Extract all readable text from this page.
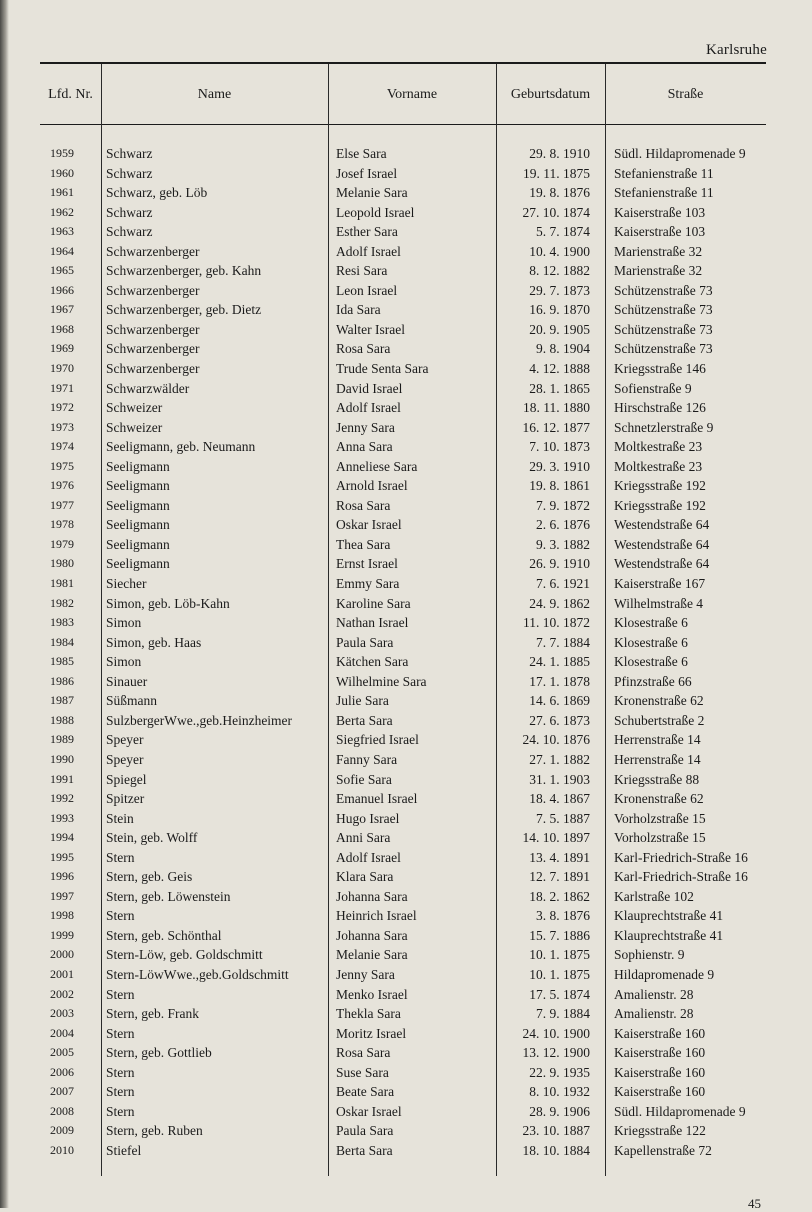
Karlsruhe
Lfd. Nr.	Name	Vorname	Geburtsdatum	Straße
1959 Schwarz	Else Sara	29. 8. 1910 Südl. Hildapromenade 9
1960 Schwarz	Josef Israel	19. 11. 1875 Stefanienstraße 11
1961 Schwarz, geb. Löb	Melanie Sara	19. 8. 1876 Stefanienstraße 11
1962 Schwarz	Leopold Israel	27. 10. 1874 Kaiserstraße 103
1963 Schwarz	Esther Sara	5. 7. 1874 Kaiserstraße 103
1964 Schwarzenberger	Adolf Israel	10. 4. 1900 Marienstraße 32
1965 Schwarzenberger, geb. Kahn	Resi Sara	8. 12. 1882 Marienstraße 32
1966 Schwarzenberger	Leon Israel	29. 7. 1873 Schützenstraße 73
1967 Schwarzenberger, geb. Dietz	Ida Sara	16. 9. 1870 Schützenstraße 73
1968 Schwarzenberger	Walter Israel	20. 9. 1905 Schützenstraße 73
1969 Schwarzenberger	Rosa Sara	9. 8. 1904 Schützenstraße 73
1970 Schwarzenberger	Trude Senta Sara	4. 12. 1888 Kriegsstraße 146
1971 Schwarzwälder	David Israel	28. 1. 1865 Sofienstraße 9
1972 Schweizer	Adolf Israel	18. 11. 1880 Hirschstraße 126
1973 Schweizer	Jenny Sara	16. 12. 1877 Schnetzlerstraße 9
1974 Seeligmann, geb. Neumann	Anna Sara	7. 10. 1873 Moltkestraße 23
1975 Seeligmann	Anneliese Sara	29. 3. 1910 Moltkestraße 23
1976 Seeligmann	Arnold Israel	19. 8. 1861 Kriegsstraße 192
1977 Seeligmann	Rosa Sara	7. 9. 1872 Kriegsstraße 192
1978 Seeligmann	Oskar Israel	2. 6. 1876 Westendstraße 64
1979 Seeligmann	Thea Sara	9. 3. 1882 Westendstraße 64
1980 Seeligmann	Ernst Israel	26. 9. 1910 Westendstraße 64
1981 Siecher	Emmy Sara	7. 6. 1921 Kaiserstraße 167
1982 Simon, geb. Löb-Kahn	Karoline Sara	24. 9. 1862 Wilhelmstraße 4
1983 Simon	Nathan Israel	11. 10. 1872 Klosestraße 6
1984 Simon, geb. Haas	Paula Sara	7. 7. 1884 Klosestraße 6
1985 Simon	Kätchen Sara	24. 1. 1885 Klosestraße 6
1986 Sinauer	Wilhelmine Sara	17. 1. 1878 Pfinzstraße 66
1987 Süßmann	Julie Sara	14. 6. 1869 Kronenstraße 62
1988 SulzbergerWwe.,geb.Heinzheimer	Berta Sara	27. 6. 1873 Schubertstraße 2
1989 Speyer	Siegfried Israel	24. 10. 1876 Herrenstraße 14
1990 Speyer	Fanny Sara	27. 1. 1882 Herrenstraße 14
1991 Spiegel	Sofie Sara	31. 1. 1903 Kriegsstraße 88
1992 Spitzer	Emanuel Israel	18. 4. 1867 Kronenstraße 62
1993 Stein	Hugo Israel	7. 5. 1887 Vorholzstraße 15
1994 Stein, geb. Wolff	Anni Sara	14. 10. 1897 Vorholzstraße 15
1995 Stern	Adolf Israel	13. 4. 1891 Karl-Friedrich-Straße 16
1996 Stern, geb. Geis	Klara Sara	12. 7. 1891 Karl-Friedrich-Straße 16
1997 Stern, geb. Löwenstein	Johanna Sara	18. 2. 1862 Karlstraße 102
1998 Stern	Heinrich Israel	3. 8. 1876 Klauprechtstraße 41
1999 Stern, geb. Schönthal	Johanna Sara	15. 7. 1886 Klauprechtstraße 41
2000 Stern-Löw, geb. Goldschmitt	Melanie Sara	10. 1. 1875 Sophienstr. 9
2001 Stern-LöwWwe.,geb.Goldschmitt	Jenny Sara	10. 1. 1875 Hildapromenade 9
2002 Stern	Menko Israel	17. 5. 1874 Amalienstr. 28
2003 Stern, geb. Frank	Thekla Sara	7. 9. 1884 Amalienstr. 28
2004 Stern	Moritz Israel	24. 10. 1900 Kaiserstraße 160
2005 Stern, geb. Gottlieb	Rosa Sara	13. 12. 1900 Kaiserstraße 160
2006 Stern	Suse Sara	22. 9. 1935 Kaiserstraße 160
2007 Stern	Beate Sara	8. 10. 1932 Kaiserstraße 160
2008 Stern	Oskar Israel	28. 9. 1906 Südl. Hildapromenade 9
2009 Stern, geb. Ruben	Paula Sara	23. 10. 1887 Kriegsstraße 122
2010 Stiefel	Berta Sara	18. 10. 1884 Kapellenstraße 72
45
